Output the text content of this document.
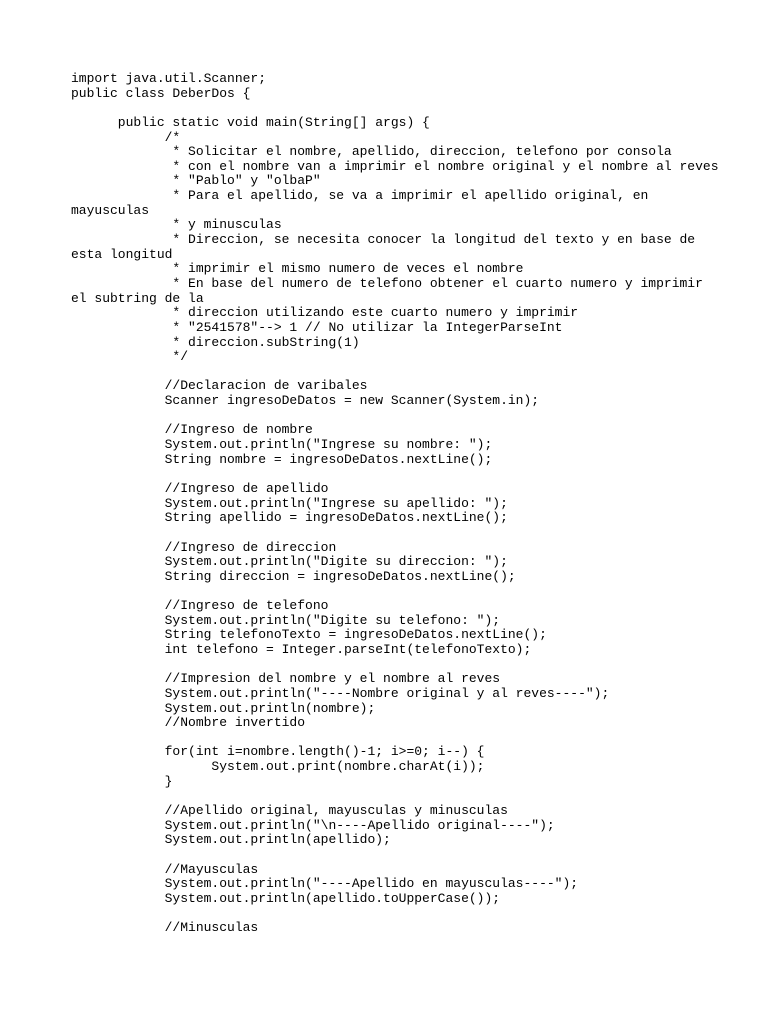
import java.util.Scanner;
public class DeberDos {
public static void main(String[] args) {
/*
* Solicitar el nombre, apellido, direccion, telefono por consola
* con el nombre van a imprimir el nombre original y el nombre al reves
* "Pablo" y "olbaP"
* Para el apellido, se va a imprimir el apellido original, en
mayusculas
* y minusculas
* Direccion, se necesita conocer la longitud del texto y en base de
esta longitud
* imprimir el mismo numero de veces el nombre
* En base del numero de telefono obtener el cuarto numero y imprimir
el subtring de la
* direccion utilizando este cuarto numero y imprimir
* "2541578"--> 1 // No utilizar la IntegerParseInt
* direccion.subString(1)
*/
//Declaracion de varibales
Scanner ingresoDeDatos = new Scanner(System.in);
//Ingreso de nombre
System.out.println("Ingrese su nombre: ");
String nombre = ingresoDeDatos.nextLine();
//Ingreso de apellido
System.out.println("Ingrese su apellido: ");
String apellido = ingresoDeDatos.nextLine();
//Ingreso de direccion
System.out.println("Digite su direccion: ");
String direccion = ingresoDeDatos.nextLine();
//Ingreso de telefono
System.out.println("Digite su telefono: ");
String telefonoTexto = ingresoDeDatos.nextLine();
int telefono = Integer.parseInt(telefonoTexto);
//Impresion del nombre y el nombre al reves
System.out.println("----Nombre original y al reves----");
System.out.println(nombre);
//Nombre invertido
for(int i=nombre.length()-1; i>=0; i--) {
System.out.print(nombre.charAt(i));
}
//Apellido original, mayusculas y minusculas
System.out.println("\n----Apellido original----");
System.out.println(apellido);
//Mayusculas
System.out.println("----Apellido en mayusculas----");
System.out.println(apellido.toUpperCase());
//Minusculas
